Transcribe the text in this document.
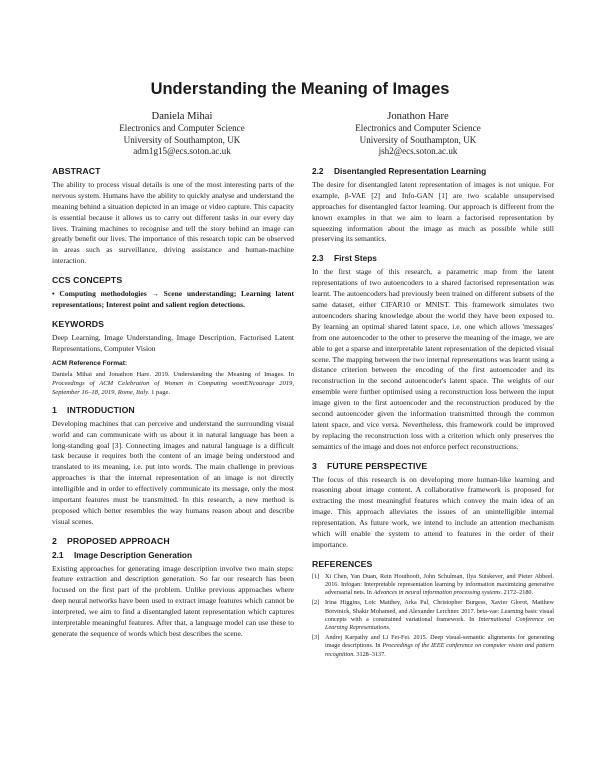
Understanding the Meaning of Images
Daniela Mihai
Electronics and Computer Science
University of Southampton, UK
adm1g15@ecs.soton.ac.uk
Jonathon Hare
Electronics and Computer Science
University of Southampton, UK
jsh2@ecs.soton.ac.uk
ABSTRACT

The ability to process visual details is one of the most interesting parts of the nervous system. Humans have the ability to quickly analyse and understand the meaning behind a situation depicted in an image or video capture. This capacity is essential because it allows us to carry out different tasks in our every day lives. Training machines to recognise and tell the story behind an image can greatly benefit our lives. The importance of this research topic can be observed in areas such as surveillance, driving assistance and human-machine interaction.

CCS CONCEPTS

• Computing methodologies → Scene understanding; Learning latent representations; Interest point and salient region detections.

KEYWORDS

Deep Learning, Image Understanding, Image Description, Factorised Latent Representations, Computer Vision

ACM Reference Format:

Daniela Mihai and Jonathon Hare. 2019. Understanding the Meaning of Images. In Proceedings of ACM Celebration of Women in Computing womENcourage 2019, September 16–18, 2019, Rome, Italy. 1 page.

1 INTRODUCTION

Developing machines that can perceive and understand the surrounding visual world and can communicate with us about it in natural language has been a long-standing goal [3]. Connecting images and natural language is a difficult task because it requires both the content of an image being understood and translated to its meaning, i.e. put into words. The main challenge in previous approaches is that the internal representation of an image is not directly intelligible and in order to effectively communicate its message, only the most important features must be transmitted. In this research, a new method is proposed which better resembles the way humans reason about and describe visual scenes.

2 PROPOSED APPROACH
2.1 Image Description Generation

Existing approaches for generating image description involve two main steps: feature extraction and description generation. So far our research has been focused on the first part of the problem. Unlike previous approaches where deep neural networks have been used to extract image features which cannot be interpreted, we aim to find a disentangled latent representation which captures interpretable meaningful features. After that, a language model can use these to generate the sequence of words which best describes the scene.

2.2 Disentangled Representation Learning

The desire for disentangled latent representation of images is not unique. For example, β-VAE [2] and Info-GAN [1] are two scalable unsupervised approaches for disentangled factor learning. Our approach is different from the known examples in that we aim to learn a factorised representation by squeezing information about the image as much as possible while still preserving its semantics.

2.3 First Steps

In the first stage of this research, a parametric map from the latent representations of two autoencoders to a shared factorised representation was learnt. The autoencoders had previously been trained on different subsets of the same dataset, either CIFAR10 or MNIST. This framework simulates two autoencoders sharing knowledge about the world they have been exposed to. By learning an optimal shared latent space, i.e. one which allows 'messages' from one autoencoder to the other to preserve the meaning of the image, we are able to get a sparse and interpretable latent representation of the depicted visual scene. The mapping between the two internal representations was learnt using a distance criterion between the encoding of the first autoencoder and its reconstruction in the second autoencoder's latent space. The weights of our ensemble were further optimised using a reconstruction loss between the input image given to the first autoencoder and the reconstruction produced by the second autoencoder given the information transmitted through the common latent space, and vice versa. Nevertheless, this framework could be improved by replacing the reconstruction loss with a criterion which only preserves the semantics of the image and does not enforce perfect reconstructions.

3 FUTURE PERSPECTIVE

The focus of this research is on developing more human-like learning and reasoning about image content. A collaborative framework is proposed for extracting the most meaningful features which convey the main idea of an image. This approach alleviates the issues of an unintelligible internal representation. As future work, we intend to include an attention mechanism which will enable the system to attend to features in the order of their importance.

REFERENCES
[1] Xi Chen, Yan Duan, Rein Houthooft, John Schulman, Ilya Sutskever, and Pieter Abbeel. 2016. Infogan: Interpretable representation learning by information maximizing generative adversarial nets. In Advances in neural information processing systems. 2172–2180.
[2] Irina Higgins, Loic Matthey, Arka Pal, Christopher Burgess, Xavier Glorot, Matthew Botvinick, Shakir Mohamed, and Alexander Lerchner. 2017. beta-vae: Learning basic visual concepts with a constrained variational framework. In International Conference on Learning Representations.
[3] Andrej Karpathy and Li Fei-Fei. 2015. Deep visual-semantic alignments for generating image descriptions. In Proceedings of the IEEE conference on computer vision and pattern recognition. 3128–3137.
